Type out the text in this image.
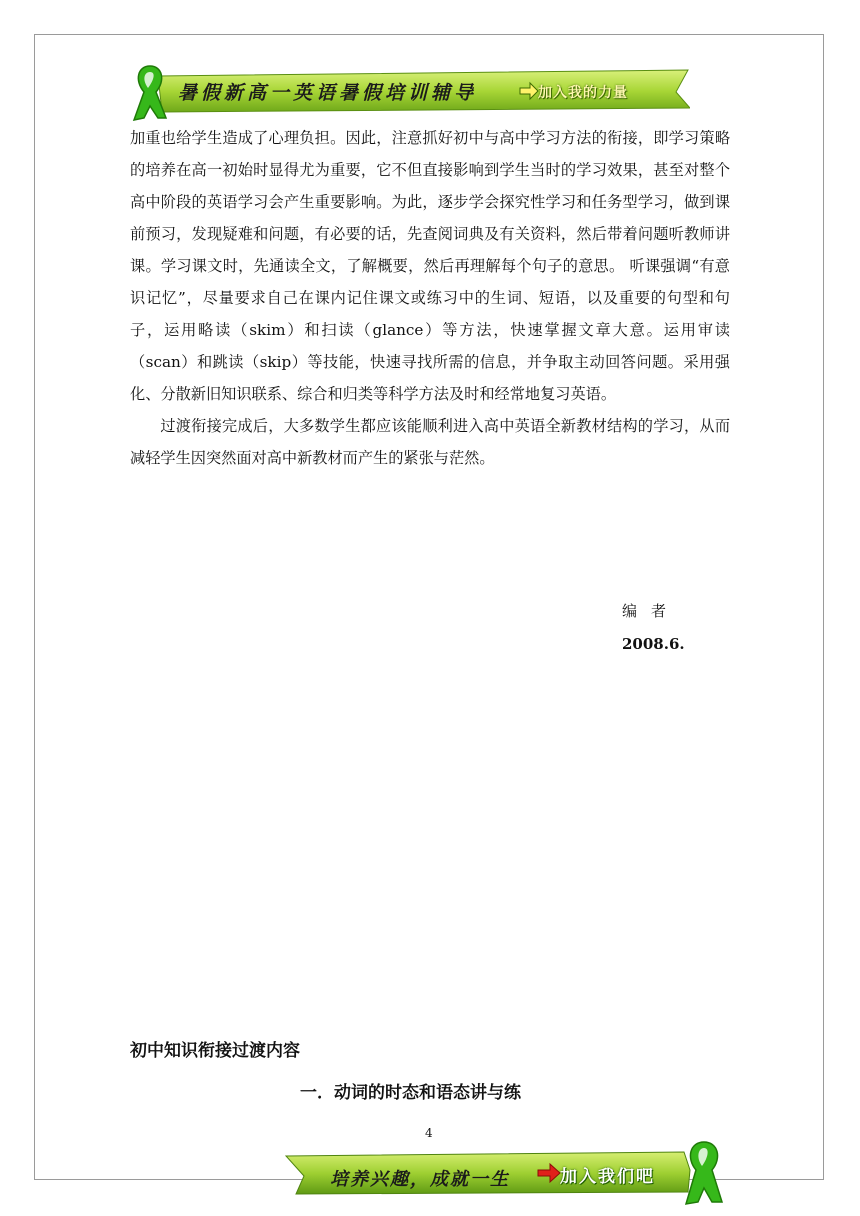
暑假新高一英语暑假培训辅导	加入我的力量

加重也给学生造成了心理负担。因此，注意抓好初中与高中学习方法的衔接，即学习策略的培养在高一初始时显得尤为重要，它不但直接影响到学生当时的学习效果，甚至对整个高中阶段的英语学习会产生重要影响。为此，逐步学会探究性学习和任务型学习，做到课前预习，发现疑难和问题，有必要的话，先查阅词典及有关资料，然后带着问题听教师讲课。学习课文时，先通读全文，了解概要，然后再理解每个句子的意思。 听课强调“有意识记忆”，尽量要求自己在课内记住课文或练习中的生词、短语，以及重要的句型和句子，运用略读（skim）和扫读（glance）等方法，快速掌握文章大意。运用审读（scan）和跳读（skip）等技能，快速寻找所需的信息，并争取主动回答问题。采用强化、分散新旧知识联系、综合和归类等科学方法及时和经常地复习英语。

过渡衔接完成后，大多数学生都应该能顺利进入高中英语全新教材结构的学习，从而减轻学生因突然面对高中新教材而产生的紧张与茫然。

编者
2008.6.
初中知识衔接过渡内容
一．动词的时态和语态讲与练
4
培养兴趣，成就一生	加入我们吧
